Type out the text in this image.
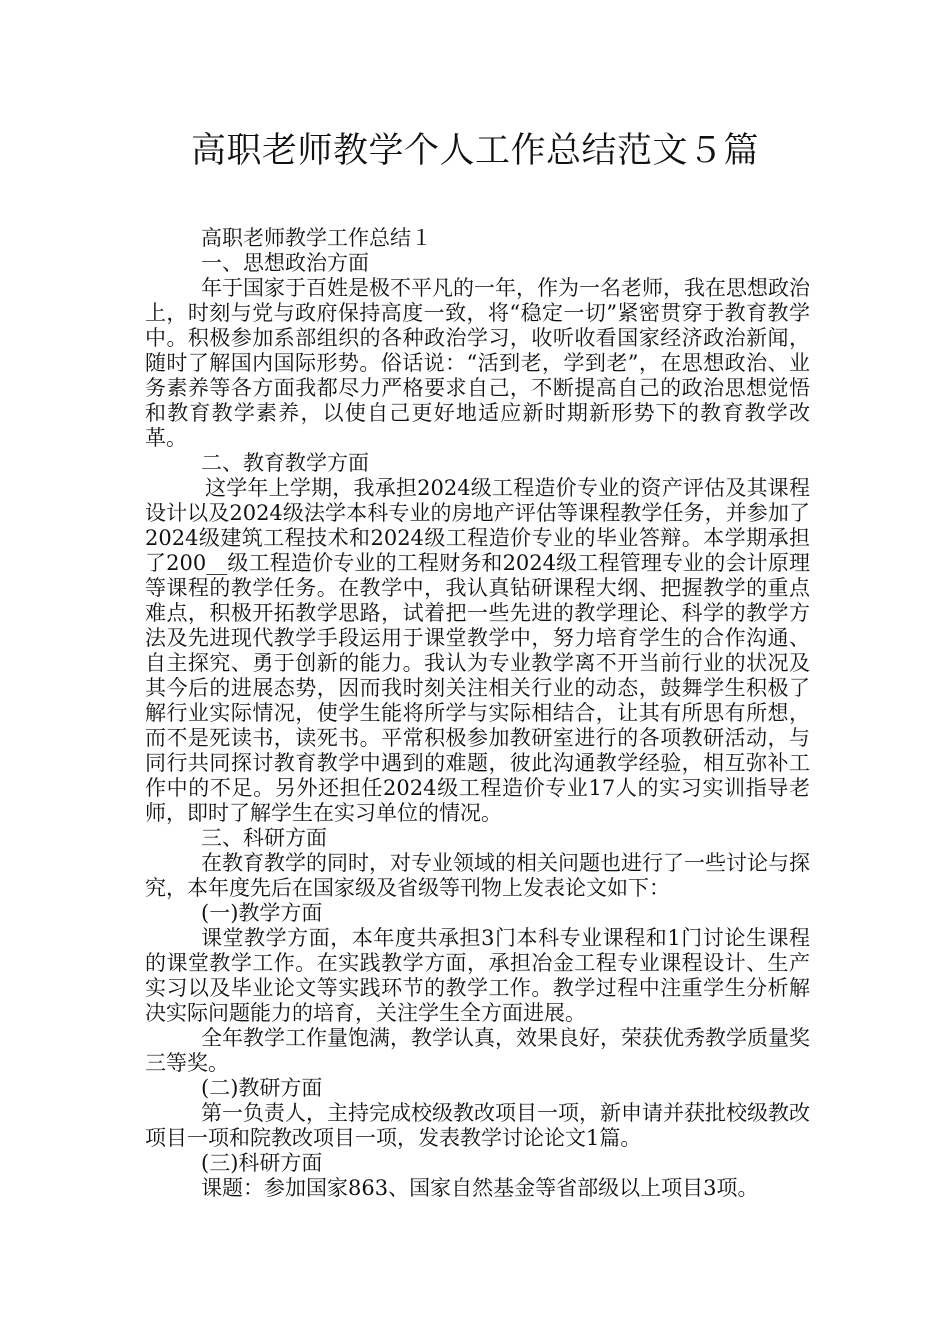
高职老师教学个人工作总结范文５篇

高职老师教学工作总结１

一、思想政治方面

年于国家于百姓是极不平凡的一年，作为一名老师，我在思想政治上，时刻与党与政府保持高度一致，将“稳定一切”紧密贯穿于教育教学中。积极参加系部组织的各种政治学习，收听收看国家经济政治新闻，随时了解国内国际形势。俗话说：“活到老，学到老”，在思想政治、业务素养等各方面我都尽力严格要求自己，不断提高自己的政治思想觉悟和教育教学素养，以使自己更好地适应新时期新形势下的教育教学改革。

二、教育教学方面

这学年上学期，我承担2024级工程造价专业的资产评估及其课程设计以及2024级法学本科专业的房地产评估等课程教学任务，并参加了2024级建筑工程技术和2024级工程造价专业的毕业答辩。本学期承担了200__级工程造价专业的工程财务和2024级工程管理专业的会计原理等课程的教学任务。在教学中，我认真钻研课程大纲、把握教学的重点难点，积极开拓教学思路，试着把一些先进的教学理论、科学的教学方法及先进现代教学手段运用于课堂教学中，努力培育学生的合作沟通、自主探究、勇于创新的能力。我认为专业教学离不开当前行业的状况及其今后的进展态势，因而我时刻关注相关行业的动态，鼓舞学生积极了解行业实际情况，使学生能将所学与实际相结合，让其有所思有所想，而不是死读书，读死书。平常积极参加教研室进行的各项教研活动，与同行共同探讨教育教学中遇到的难题，彼此沟通教学经验，相互弥补工作中的不足。另外还担任2024级工程造价专业17人的实习实训指导老师，即时了解学生在实习单位的情况。

三、科研方面

在教育教学的同时，对专业领域的相关问题也进行了一些讨论与探究，本年度先后在国家级及省级等刊物上发表论文如下：

(一)教学方面

课堂教学方面，本年度共承担3门本科专业课程和1门讨论生课程的课堂教学工作。在实践教学方面，承担冶金工程专业课程设计、生产实习以及毕业论文等实践环节的教学工作。教学过程中注重学生分析解决实际问题能力的培育，关注学生全方面进展。

全年教学工作量饱满，教学认真，效果良好，荣获优秀教学质量奖三等奖。

(二)教研方面

第一负责人，主持完成校级教改项目一项，新申请并获批校级教改项目一项和院教改项目一项，发表教学讨论论文1篇。

(三)科研方面

课题：参加国家863、国家自然基金等省部级以上项目3项。
